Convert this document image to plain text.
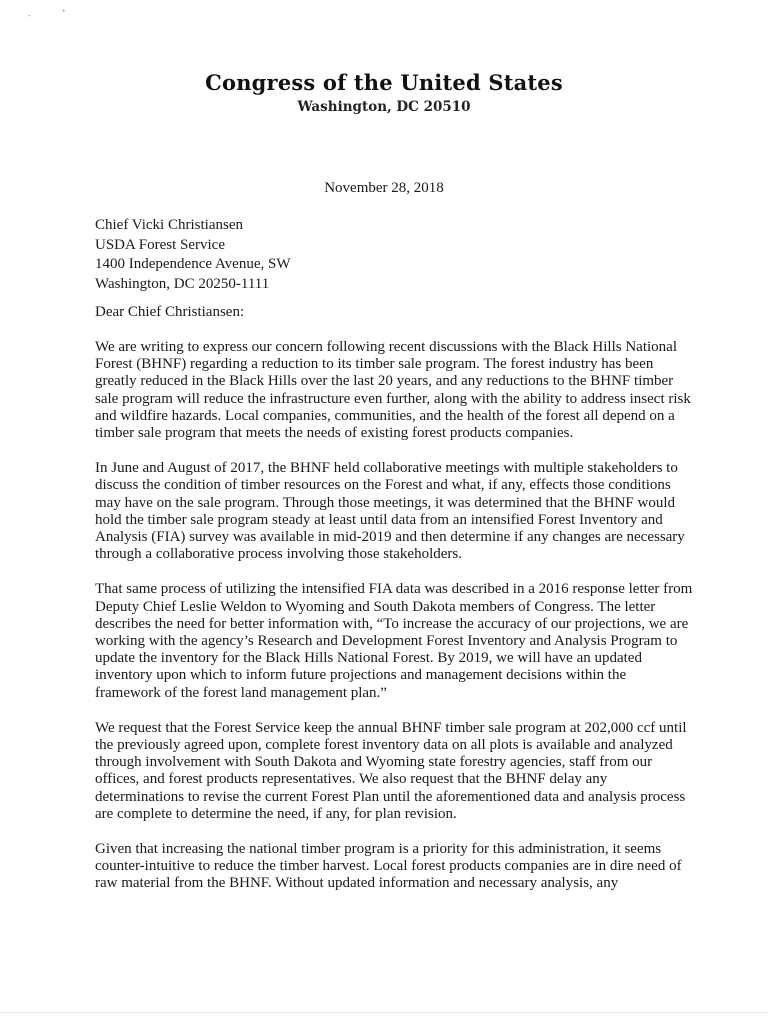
‐	•
Congress of the United States
Washington, DC 20510
November 28, 2018
Chief Vicki Christiansen
USDA Forest Service
1400 Independence Avenue, SW
Washington, DC 20250-1111
Dear Chief Christiansen:

We are writing to express our concern following recent discussions with the Black Hills National Forest (BHNF) regarding a reduction to its timber sale program. The forest industry has been greatly reduced in the Black Hills over the last 20 years, and any reductions to the BHNF timber sale program will reduce the infrastructure even further, along with the ability to address insect risk and wildfire hazards. Local companies, communities, and the health of the forest all depend on a timber sale program that meets the needs of existing forest products companies.

In June and August of 2017, the BHNF held collaborative meetings with multiple stakeholders to discuss the condition of timber resources on the Forest and what, if any, effects those conditions may have on the sale program. Through those meetings, it was determined that the BHNF would hold the timber sale program steady at least until data from an intensified Forest Inventory and Analysis (FIA) survey was available in mid-2019 and then determine if any changes are necessary through a collaborative process involving those stakeholders.

That same process of utilizing the intensified FIA data was described in a 2016 response letter from Deputy Chief Leslie Weldon to Wyoming and South Dakota members of Congress. The letter describes the need for better information with, “To increase the accuracy of our projections, we are working with the agency’s Research and Development Forest Inventory and Analysis Program to update the inventory for the Black Hills National Forest. By 2019, we will have an updated inventory upon which to inform future projections and management decisions within the framework of the forest land management plan.”

We request that the Forest Service keep the annual BHNF timber sale program at 202,000 ccf until the previously agreed upon, complete forest inventory data on all plots is available and analyzed through involvement with South Dakota and Wyoming state forestry agencies, staff from our offices, and forest products representatives. We also request that the BHNF delay any determinations to revise the current Forest Plan until the aforementioned data and analysis process are complete to determine the need, if any, for plan revision.

Given that increasing the national timber program is a priority for this administration, it seems counter-intuitive to reduce the timber harvest. Local forest products companies are in dire need of raw material from the BHNF. Without updated information and necessary analysis, any
